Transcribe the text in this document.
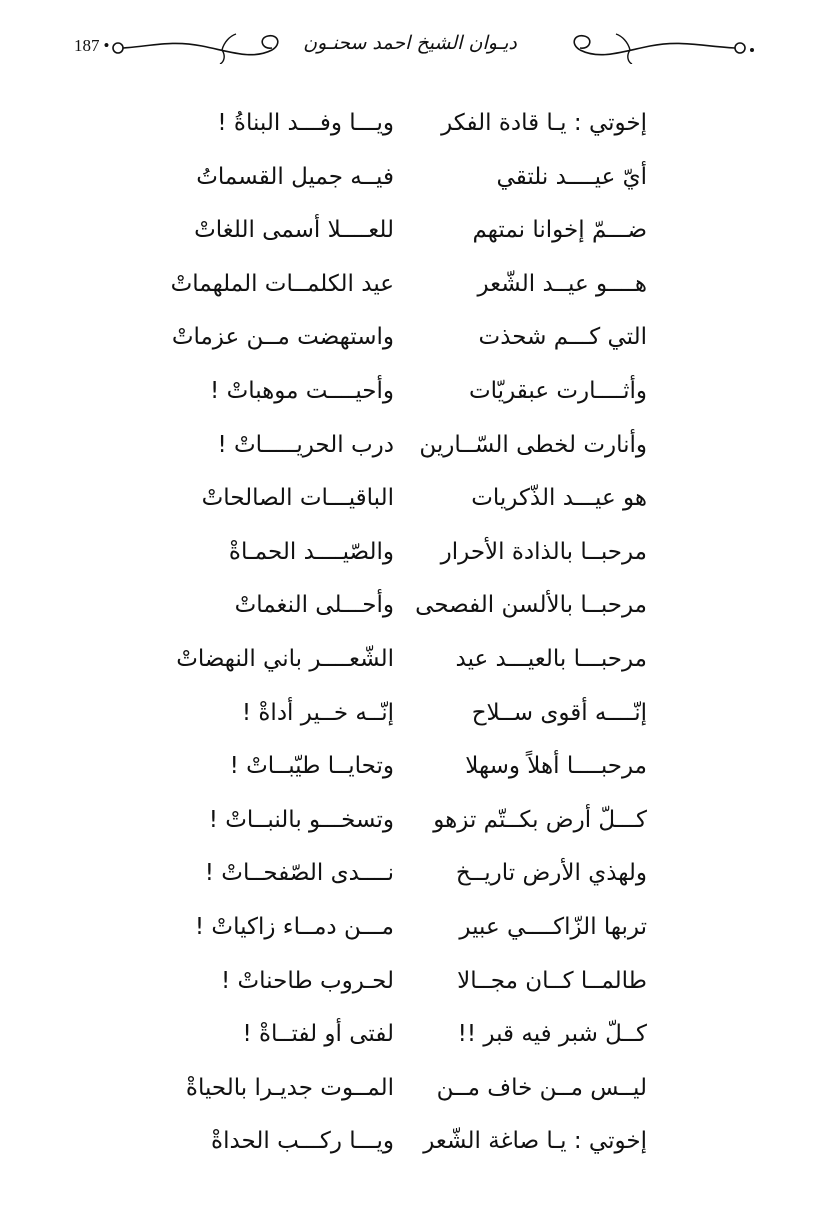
187 •	ديـوان الشيخ احمد سحنـون
إخوتي : يـا قادة الفكر
ويـــا وفـــد البناةُ !
أيّ عيــــد نلتقي
فيــه جميل القسماتُ
ضـــمّ إخوانا نمتهم
للعــــلا أسمى اللغاتْ
هــــو عيــد الشّعر
عيد الكلمــات الملهماتْ
التي كـــم شحذت
واستهضت مــن عزماتْ
وأثــــارت عبقريّات
وأحيــــت موهباتْ !
وأنارت لخطى السّــارين
درب الحريـــــاتْ !
هو عيـــد الذّكريات
الباقيـــات الصالحاتْ
مرحبــا بالذادة الأحرار
والصّيــــد الحمـاةْ
مرحبــا بالألسن الفصحى
وأحـــلى النغماتْ
مرحبـــا بالعيـــد عيد
الشّعــــر باني النهضاتْ
إنّــــه أقوى ســلاح
إنّــه خــير أداةْ !
مرحبــــا أهلاً وسهلا
وتحايــا طيّبــاتْ !
كـــلّ أرض بكــتّم تزهو
وتسخـــو بالنبــاتْ !
ولهذي الأرض تاريــخ
نــــدى الصّفحــاتْ !
تربها الزّاكــــي عبير
مـــن دمــاء زاكياتْ !
طالمــا كــان مجــالا
لحـروب طاحناتْ !
كــلّ شبر فيه قبر !!
لفتى أو لفتــاةْ !
ليــس مــن خاف مــن
المــوت جديـرا بالحياةْ
إخوتي : يـا صاغة الشّعر
ويـــا ركـــب الحداةْ
